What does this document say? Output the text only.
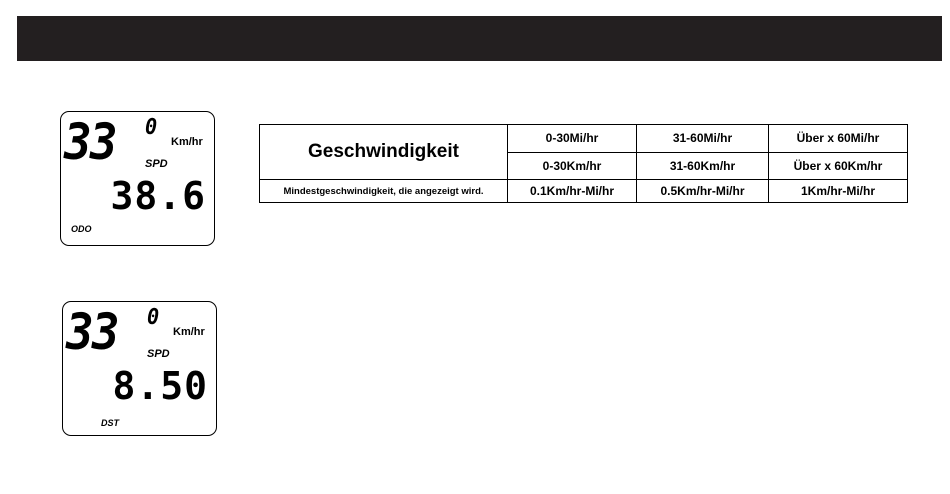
33 0
Km/hr
SPD
38.6
ODO
33 0
Km/hr
SPD
8.50
DST
Geschwindigkeit	0-30Mi/hr	31-60Mi/hr	Über x 60Mi/hr
	0-30Km/hr	31-60Km/hr	Über x 60Km/hr
Mindestgeschwindigkeit, die angezeigt wird.	0.1Km/hr-Mi/hr	0.5Km/hr-Mi/hr	1Km/hr-Mi/hr
